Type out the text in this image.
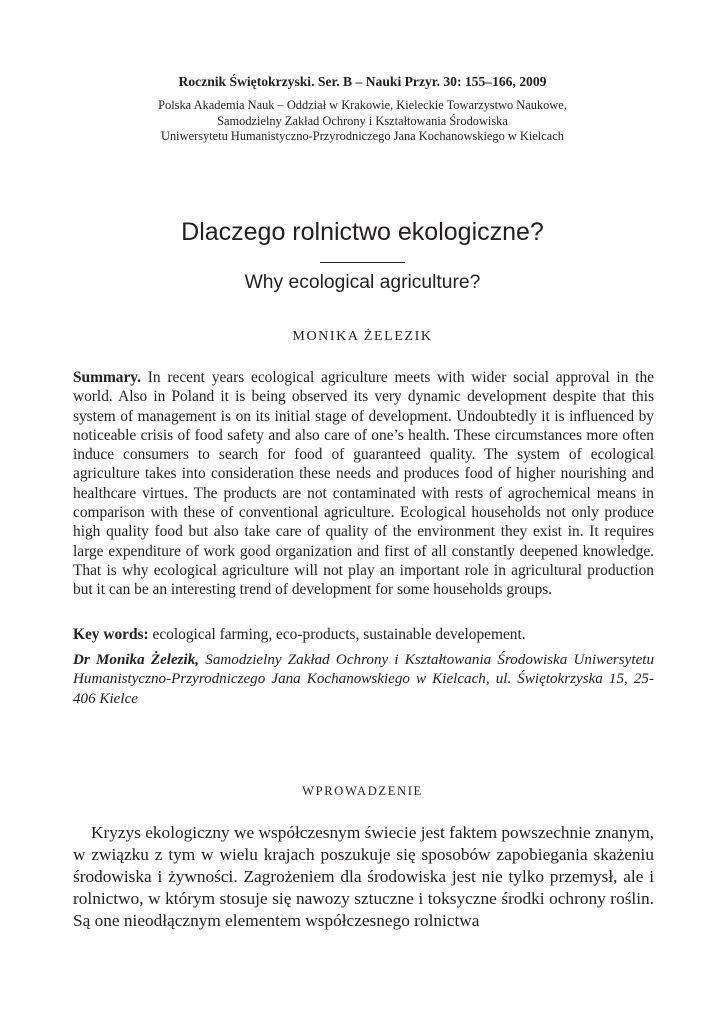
Rocznik Świętokrzyski. Ser. B – Nauki Przyr. 30: 155–166, 2009
Polska Akademia Nauk – Oddział w Krakowie, Kieleckie Towarzystwo Naukowe,
Samodzielny Zakład Ochrony i Kształtowania Środowiska
Uniwersytetu Humanistyczno-Przyrodniczego Jana Kochanowskiego w Kielcach
Dlaczego rolnictwo ekologiczne?
Why ecological agriculture?
MONIKA ŻELEZIK
Summary. In recent years ecological agriculture meets with wider social approval in the world. Also in Poland it is being observed its very dynamic development despite that this system of management is on its initial stage of development. Undoubtedly it is influenced by noticeable crisis of food safety and also care of one’s health. These circumstances more often induce consumers to search for food of guaranteed quality. The system of ecological agriculture takes into consideration these needs and produces food of higher nourishing and healthcare virtues. The products are not contaminated with rests of agrochemical means in comparison with these of conventional agriculture. Ecological households not only produce high quality food but also take care of quality of the environment they exist in. It requires large expenditure of work good organization and first of all constantly deepened knowledge. That is why ecological agriculture will not play an important role in agricultural production but it can be an interesting trend of development for some households groups.
Key words: ecological farming, eco-products, sustainable developement.
Dr Monika Żelezik, Samodzielny Zakład Ochrony i Kształtowania Środowiska Uniwersytetu Humanistyczno-Przyrodniczego Jana Kochanowskiego w Kielcach, ul. Świętokrzyska 15, 25-406 Kielce
WPROWADZENIE

Kryzys ekologiczny we współczesnym świecie jest faktem powszechnie znanym, w związku z tym w wielu krajach poszukuje się sposobów zapobiegania skażeniu środowiska i żywności. Zagrożeniem dla środowiska jest nie tylko przemysł, ale i rolnictwo, w którym stosuje się nawozy sztuczne i toksyczne środki ochrony roślin. Są one nieodłącznym elementem współczesnego rolnictwa
